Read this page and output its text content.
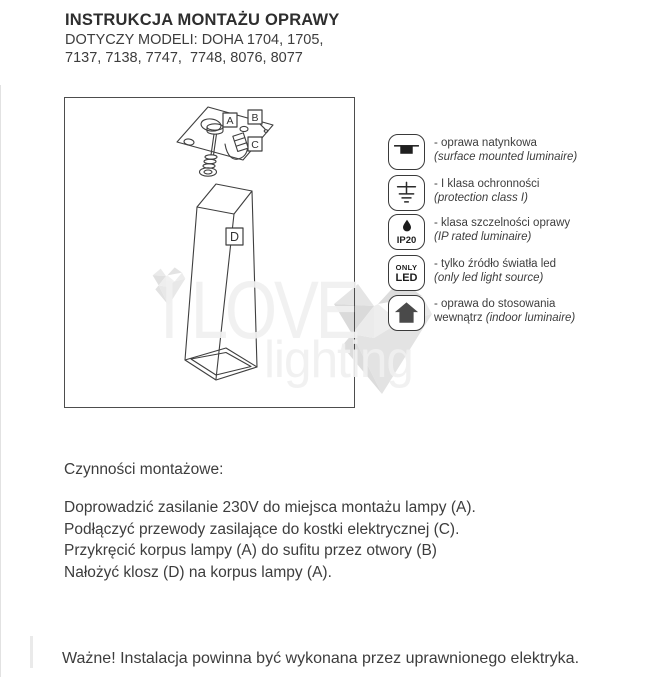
INSTRUKCJA MONTAŻU OPRAWY
DOTYCZY MODELI: DOHA 1704, 1705,
7137, 7138, 7747,  7748, 8076, 8077
A B
C
D
- oprawa natynkowa
(surface mounted luminaire)
- I klasa ochronności
(protection class I)
IP20
- klasa szczelności oprawy
(IP rated luminaire)
ONLY
LED
- tylko źródło światła led
(only led light source)
- oprawa do stosowania
wewnątrz (indoor luminaire)
I LOVE
lighting
Czynności montażowe:
Doprowadzić zasilanie 230V do miejsca montażu lampy (A).
Podłączyć przewody zasilające do kostki elektrycznej (C).
Przykręcić korpus lampy (A) do sufitu przez otwory (B)
Nałożyć klosz (D) na korpus lampy (A).
Ważne! Instalacja powinna być wykonana przez uprawnionego elektryka.
